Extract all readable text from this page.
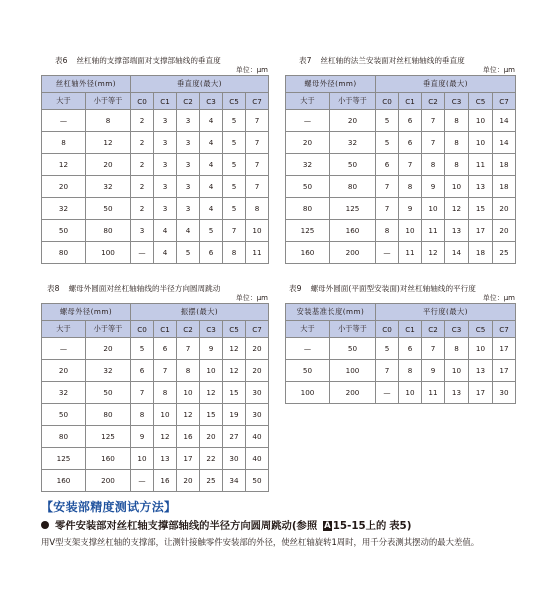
表6 丝杠轴的支撑部端面对支撑部轴线的垂直度
单位：μm
丝杠轴外径(mm)		垂直度(最大)					
大于	小于等于	C0	C1	C2	C3	C5	C7
—	8	2	3	3	4	5	7
8	12	2	3	3	4	5	7
12	20	2	3	3	4	5	7
20	32	2	3	3	4	5	7
32	50	2	3	3	4	5	8
50	80	3	4	4	5	7	10
80	100	—	4	5	6	8	11
表7 丝杠轴的法兰安装面对丝杠轴轴线的垂直度
单位：μm
螺母外径(mm)		垂直度(最大)					
大于	小于等于	C0	C1	C2	C3	C5	C7
—	20	5	6	7	8	10	14
20	32	5	6	7	8	10	14
32	50	6	7	8	8	11	18
50	80	7	8	9	10	13	18
80	125	7	9	10	12	15	20
125	160	8	10	11	13	17	20
160	200	—	11	12	14	18	25
表8 螺母外圆面对丝杠轴轴线的半径方向圆周跳动
单位：μm
螺母外径(mm)		振摆(最大)					
大于	小于等于	C0	C1	C2	C3	C5	C7
—	20	5	6	7	9	12	20
20	32	6	7	8	10	12	20
32	50	7	8	10	12	15	30
50	80	8	10	12	15	19	30
80	125	9	12	16	20	27	40
125	160	10	13	17	22	30	40
160	200	—	16	20	25	34	50
表9 螺母外圆面(平面型安装面)对丝杠轴轴线的平行度
单位：μm
安装基准长度(mm)		平行度(最大)					
大于	小于等于	C0	C1	C2	C3	C5	C7
—	50	5	6	7	8	10	17
50	100	7	8	9	10	13	17
100	200	—	10	11	13	17	30
【安装部精度测试方法】
零件安装部对丝杠轴支撑部轴线的半径方向圆周跳动(参照 A 15-15上的 表5)
用V型支架支撑丝杠轴的支撑部，让测针接触零件安装部的外径，使丝杠轴旋转1周时，用千分表测其摆动的最大差值。
